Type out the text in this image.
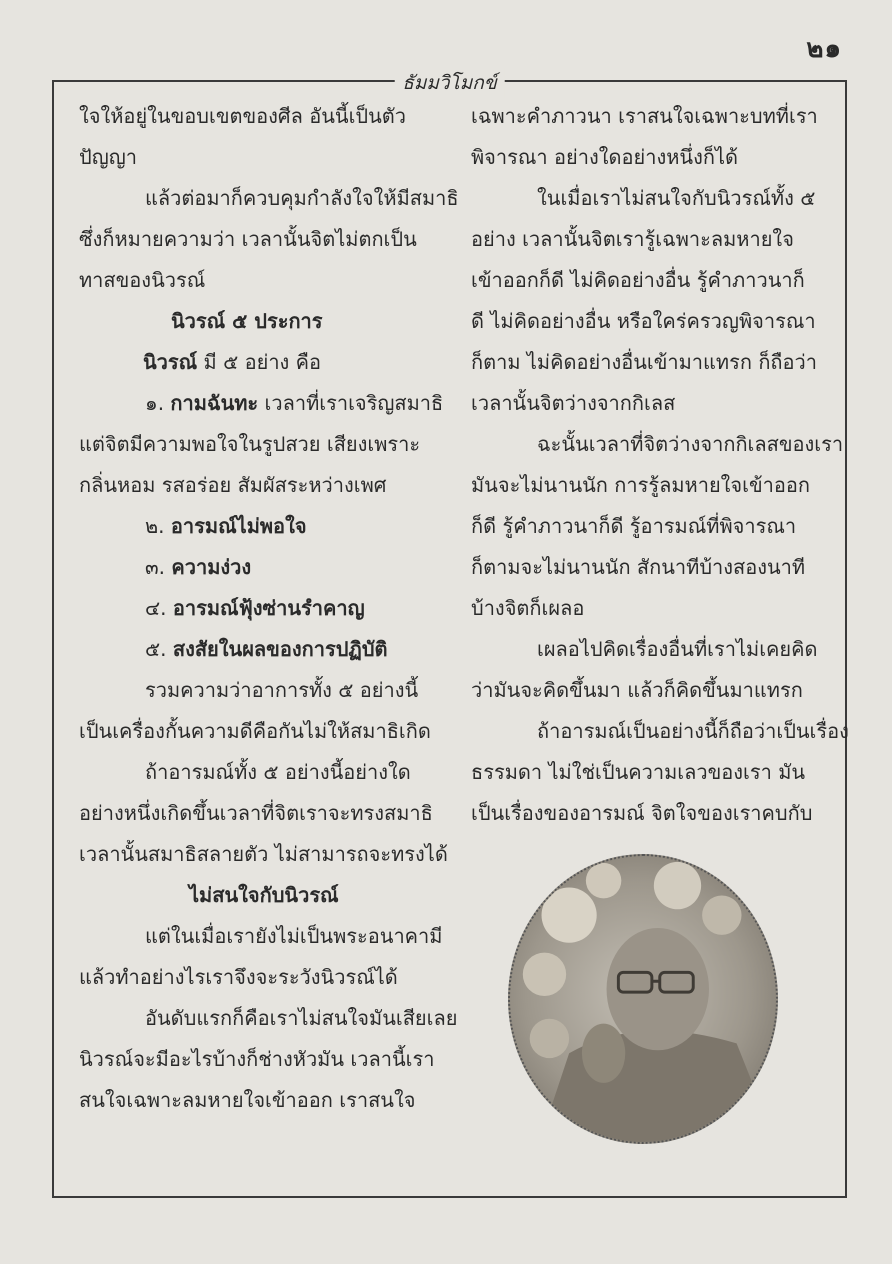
๒๑
ธัมมวิโมกข์
ใจให้อยู่ในขอบเขตของศีล อันนี้เป็นตัว
ปัญญา
แล้วต่อมาก็ควบคุมกำลังใจให้มีสมาธิ
ซึ่งก็หมายความว่า เวลานั้นจิตไม่ตกเป็น
ทาสของนิวรณ์
นิวรณ์ ๕ ประการ
นิวรณ์ มี ๕ อย่าง คือ
๑. กามฉันทะ เวลาที่เราเจริญสมาธิ
แต่จิตมีความพอใจในรูปสวย เสียงเพราะ
กลิ่นหอม รสอร่อย สัมผัสระหว่างเพศ
๒. อารมณ์ไม่พอใจ
๓. ความง่วง
๔. อารมณ์ฟุ้งซ่านรำคาญ
๕. สงสัยในผลของการปฏิบัติ
รวมความว่าอาการทั้ง ๕ อย่างนี้
เป็นเครื่องกั้นความดีคือกันไม่ให้สมาธิเกิด
ถ้าอารมณ์ทั้ง ๕ อย่างนี้อย่างใด
อย่างหนึ่งเกิดขึ้นเวลาที่จิตเราจะทรงสมาธิ
เวลานั้นสมาธิสลายตัว ไม่สามารถจะทรงได้
ไม่สนใจกับนิวรณ์
แต่ในเมื่อเรายังไม่เป็นพระอนาคามี
แล้วทำอย่างไรเราจึงจะระวังนิวรณ์ได้
อันดับแรกก็คือเราไม่สนใจมันเสียเลย
นิวรณ์จะมีอะไรบ้างก็ช่างหัวมัน เวลานี้เรา
สนใจเฉพาะลมหายใจเข้าออก เราสนใจ
เฉพาะคำภาวนา เราสนใจเฉพาะบทที่เรา
พิจารณา อย่างใดอย่างหนึ่งก็ได้
ในเมื่อเราไม่สนใจกับนิวรณ์ทั้ง ๕
อย่าง เวลานั้นจิตเรารู้เฉพาะลมหายใจ
เข้าออกก็ดี ไม่คิดอย่างอื่น รู้คำภาวนาก็
ดี ไม่คิดอย่างอื่น หรือใคร่ครวญพิจารณา
ก็ตาม ไม่คิดอย่างอื่นเข้ามาแทรก ก็ถือว่า
เวลานั้นจิตว่างจากกิเลส
ฉะนั้นเวลาที่จิตว่างจากกิเลสของเรา
มันจะไม่นานนัก การรู้ลมหายใจเข้าออก
ก็ดี รู้คำภาวนาก็ดี รู้อารมณ์ที่พิจารณา
ก็ตามจะไม่นานนัก สักนาทีบ้างสองนาที
บ้างจิตก็เผลอ
เผลอไปคิดเรื่องอื่นที่เราไม่เคยคิด
ว่ามันจะคิดขึ้นมา แล้วก็คิดขึ้นมาแทรก
ถ้าอารมณ์เป็นอย่างนี้ก็ถือว่าเป็นเรื่อง
ธรรมดา ไม่ใช่เป็นความเลวของเรา มัน
เป็นเรื่องของอารมณ์ จิตใจของเราคบกับ
